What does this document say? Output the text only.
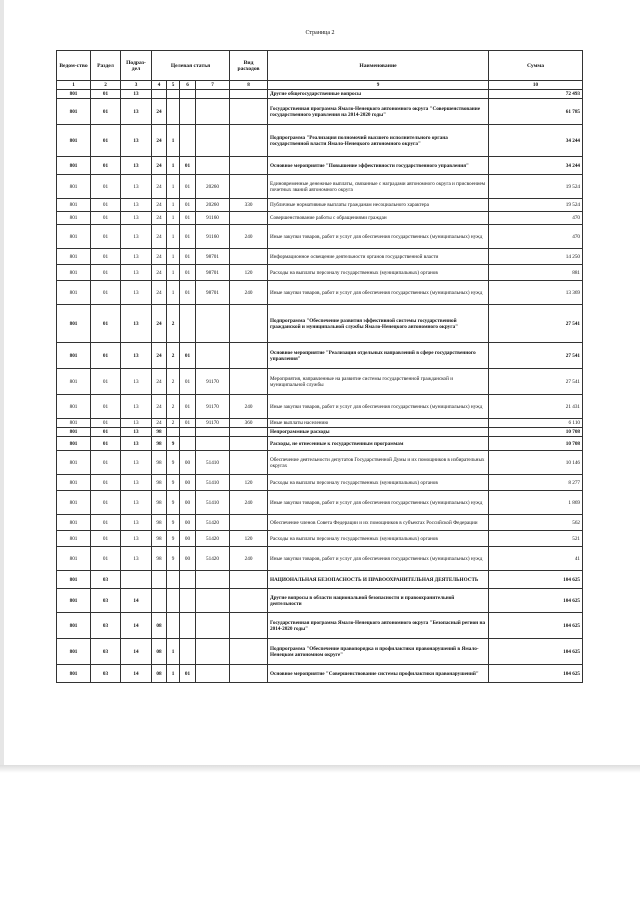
Страница 2
Ведом-ство	Раздел	Подраз-дел	Целевая статья				Вид расходов	Наименование	Сумма
1	2	3	4	5	6	7	8	9	10
801	01	13						Другие общегосударственные вопросы	72 493
801	01	13	24					Государственная программа Ямало-Ненецкого автономного округа "Совершенствование государственного управления на 2014-2020 годы"	61 785
801	01	13	24	1				Подпрограмма "Реализация полномочий высшего исполнительного органа государственной власти Ямало-Ненецкого автономного округа"	34 244
801	01	13	24	1	01			Основное мероприятие "Повышение эффективности государственного управления"	34 244
801	01	13	24	1	01	20260		Единовременные денежные выплаты, связанные с наградами автономного округа и присвоением почетных званий автономного округа	19 524
801	01	13	24	1	01	20260	330	Публичные нормативные выплаты гражданам несоциального характера	19 524
801	01	13	24	1	01	91160		Совершенствование работы с обращениями граждан	470
801	01	13	24	1	01	91160	240	Иные закупки товаров, работ и услуг для обеспечения государственных (муниципальных) нужд	470
801	01	13	24	1	01	98701		Информационное освещение деятельности органов государственной власти	14 250
801	01	13	24	1	01	98701	120	Расходы на выплаты персоналу государственных (муниципальных) органов	881
801	01	13	24	1	01	98701	240	Иные закупки товаров, работ и услуг для обеспечения государственных (муниципальных) нужд	13 369
801	01	13	24	2				Подпрограмма "Обеспечение развития эффективной системы государственной гражданской и муниципальной службы Ямало-Ненецкого автономного округа"	27 541
801	01	13	24	2	01			Основное мероприятие "Реализация отдельных направлений в сфере государственного управления"	27 541
801	01	13	24	2	01	91170		Мероприятия, направленные на развитие системы государственной гражданской и муниципальной службы	27 541
801	01	13	24	2	01	91170	240	Иные закупки товаров, работ и услуг для обеспечения государственных (муниципальных) нужд	21 431
801	01	13	24	2	01	91170	360	Иные выплаты населению	6 110
801	01	13	98					Непрограммные расходы	10 708
801	01	13	98	9				Расходы, не отнесенные к государственным программам	10 708
801	01	13	98	9	00	51410		Обеспечение деятельности депутатов Государственной Думы и их помощников в избирательных округах	10 146
801	01	13	98	9	00	51410	120	Расходы на выплаты персоналу государственных (муниципальных) органов	8 277
801	01	13	98	9	00	51410	240	Иные закупки товаров, работ и услуг для обеспечения государственных (муниципальных) нужд	1 869
801	01	13	98	9	00	51420		Обеспечение членов Совета Федерации и их помощников в субъектах Российской Федерации	562
801	01	13	98	9	00	51420	120	Расходы на выплаты персоналу государственных (муниципальных) органов	521
801	01	13	98	9	00	51420	240	Иные закупки товаров, работ и услуг для обеспечения государственных (муниципальных) нужд	41
801	03							НАЦИОНАЛЬНАЯ БЕЗОПАСНОСТЬ И ПРАВООХРАНИТЕЛЬНАЯ ДЕЯТЕЛЬНОСТЬ	104 625
801	03	14						Другие вопросы в области национальной безопасности и правоохранительной деятельности	104 625
801	03	14	08					Государственная программа Ямало-Ненецкого автономного округа "Безопасный регион на 2014-2020 годы"	104 625
801	03	14	08	1				Подпрограмма "Обеспечение правопорядка и профилактики правонарушений в Ямало-Ненецком автономном округе"	104 625
801	03	14	08	1	01			Основное мероприятие "Совершенствование системы профилактики правонарушений"	104 625
